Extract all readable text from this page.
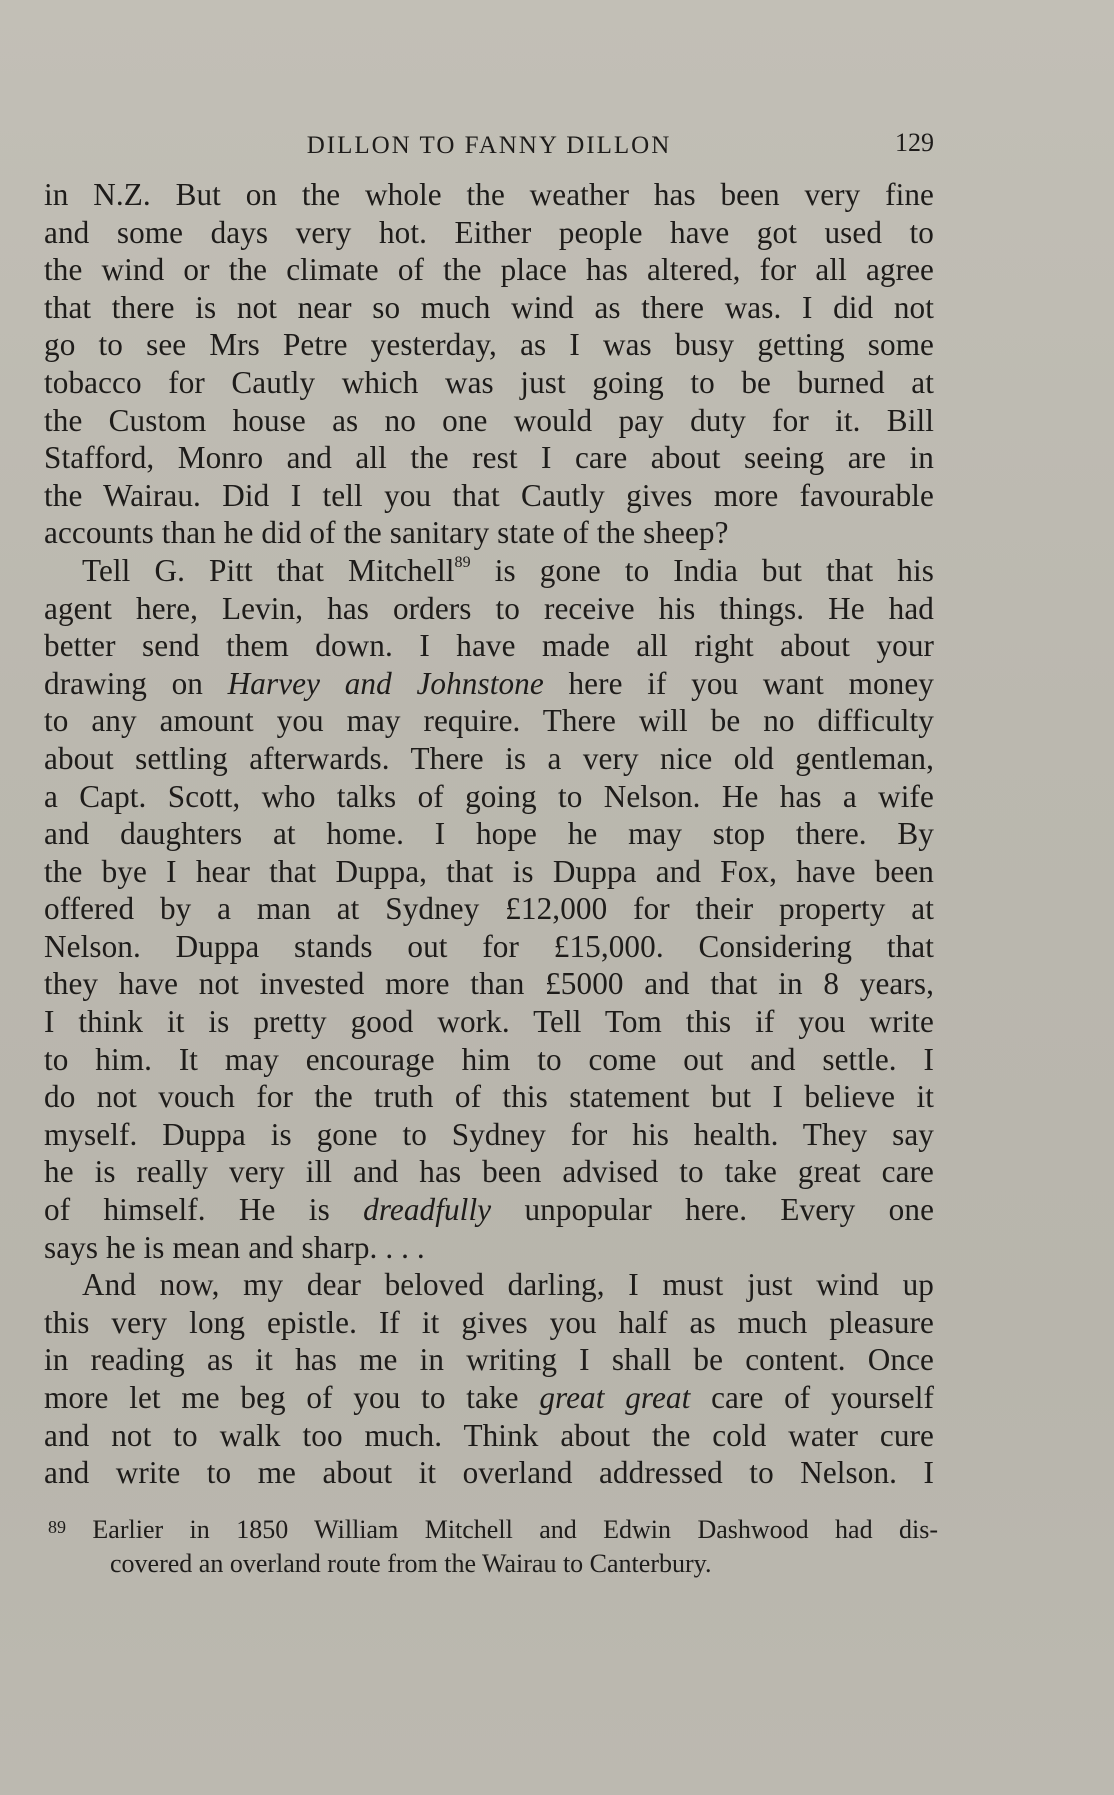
DILLON TO FANNY DILLON	129
in N.Z. But on the whole the weather has been very fine
and some days very hot. Either people have got used to
the wind or the climate of the place has altered, for all agree
that there is not near so much wind as there was. I did not
go to see Mrs Petre yesterday, as I was busy getting some
tobacco for Cautly which was just going to be burned at
the Custom house as no one would pay duty for it. Bill
Stafford, Monro and all the rest I care about seeing are in
the Wairau. Did I tell you that Cautly gives more favourable
accounts than he did of the sanitary state of the sheep?
Tell G. Pitt that Mitchell$^{89}$ is gone to India but that his
agent here, Levin, has orders to receive his things. He had
better send them down. I have made all right about your
drawing on Harvey and Johnstone here if you want money
to any amount you may require. There will be no difficulty
about settling afterwards. There is a very nice old gentleman,
a Capt. Scott, who talks of going to Nelson. He has a wife
and daughters at home. I hope he may stop there. By
the bye I hear that Duppa, that is Duppa and Fox, have been
offered by a man at Sydney £12,000 for their property at
Nelson. Duppa stands out for £15,000. Considering that
they have not invested more than £5000 and that in 8 years,
I think it is pretty good work. Tell Tom this if you write
to him. It may encourage him to come out and settle. I
do not vouch for the truth of this statement but I believe it
myself. Duppa is gone to Sydney for his health. They say
he is really very ill and has been advised to take great care
of himself. He is dreadfully unpopular here. Every one
says he is mean and sharp. . . .
And now, my dear beloved darling, I must just wind up
this very long epistle. If it gives you half as much pleasure
in reading as it has me in writing I shall be content. Once
more let me beg of you to take great great care of yourself
and not to walk too much. Think about the cold water cure
and write to me about it overland addressed to Nelson. I
89 Earlier in 1850 William Mitchell and Edwin Dashwood had dis-
covered an overland route from the Wairau to Canterbury.
